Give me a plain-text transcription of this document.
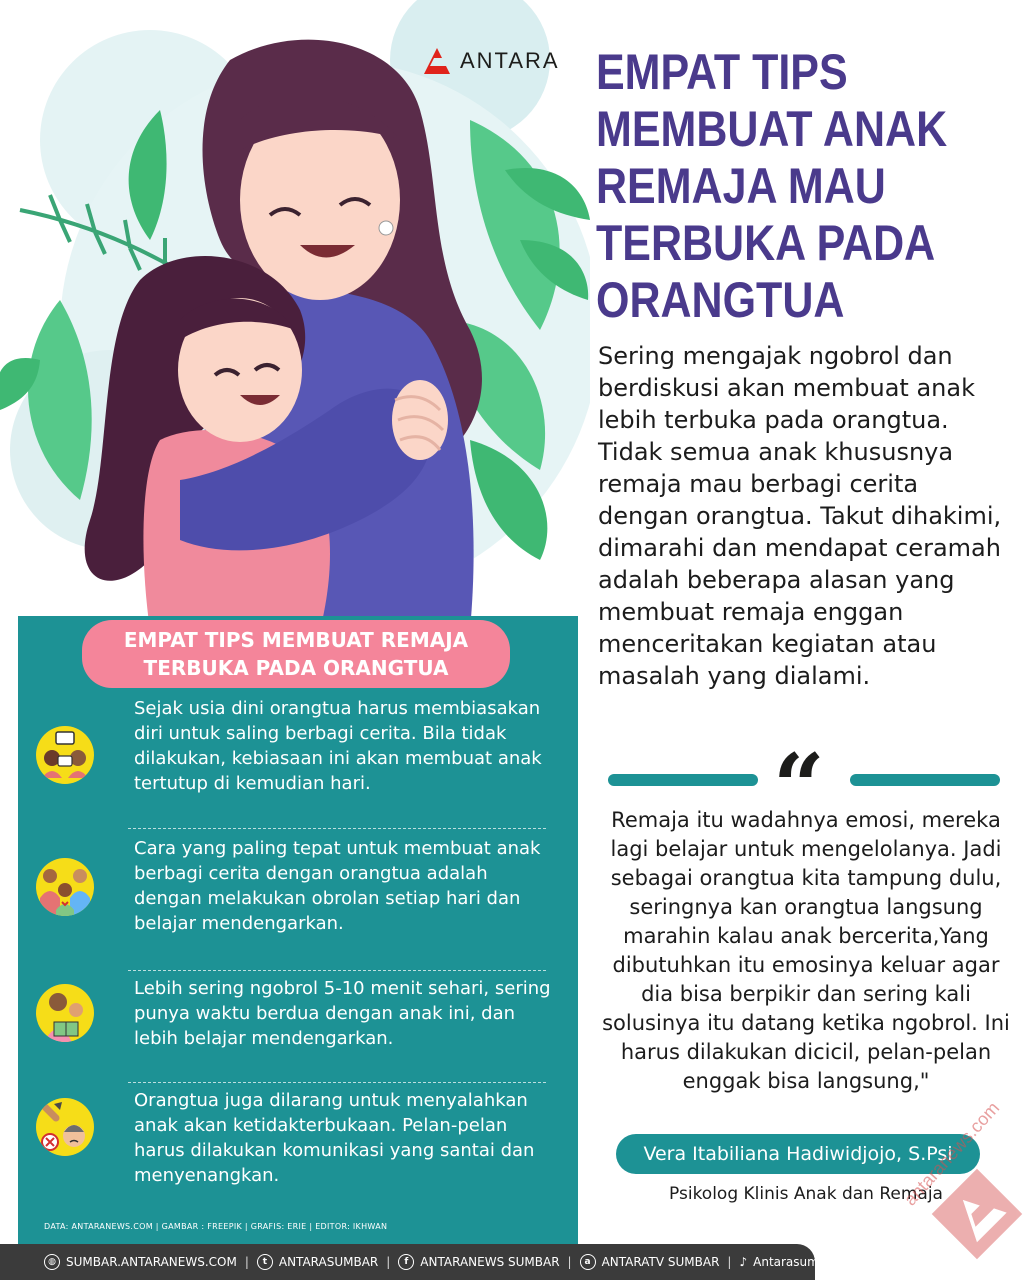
ANTARA EMPAT TIPS MEMBUAT ANAK REMAJA MAU TERBUKA PADA ORANGTUA

Sering mengajak ngobrol dan berdiskusi akan membuat anak lebih terbuka pada orangtua. Tidak semua anak khususnya remaja mau berbagi cerita dengan orangtua. Takut dihakimi, dimarahi dan mendapat ceramah adalah beberapa alasan yang membuat remaja enggan menceritakan kegiatan atau masalah yang dialami.

“

Remaja itu wadahnya emosi, mereka lagi belajar untuk mengelolanya. Jadi sebagai orangtua kita tampung dulu, seringnya kan orangtua langsung marahin kalau anak bercerita,Yang dibutuhkan itu emosinya keluar agar dia bisa berpikir dan sering kali solusinya itu datang ketika ngobrol. Ini harus dilakukan dicicil, pelan-pelan enggak bisa langsung,"

Vera Itabiliana Hadiwidjojo, S.Psi
Psikolog Klinis Anak dan Remaja
EMPAT TIPS MEMBUAT REMAJA
TERBUKA PADA ORANGTUA

Sejak usia dini orangtua harus membiasakan diri untuk saling berbagi cerita. Bila tidak dilakukan, kebiasaan ini akan membuat anak tertutup di kemudian hari.

Cara yang paling tepat untuk membuat anak berbagi cerita dengan orangtua adalah dengan melakukan obrolan setiap hari dan belajar mendengarkan.

Lebih sering ngobrol 5-10 menit sehari, sering punya waktu berdua dengan anak ini, dan lebih belajar mendengarkan.

Orangtua juga dilarang untuk menyalahkan anak akan ketidakterbukaan. Pelan-pelan harus dilakukan komunikasi yang santai dan menyenangkan.

DATA: ANTARANEWS.COM | GAMBAR : FREEPIK | GRAFIS: ERIE | EDITOR: IKHWAN
◍ SUMBAR.ANTARANEWS.COM |	t ANTARASUMBAR |	f	ANTARANEWS SUMBAR |	a ANTARATV SUMBAR | ♪ Antarasumbar
antaranews.com
